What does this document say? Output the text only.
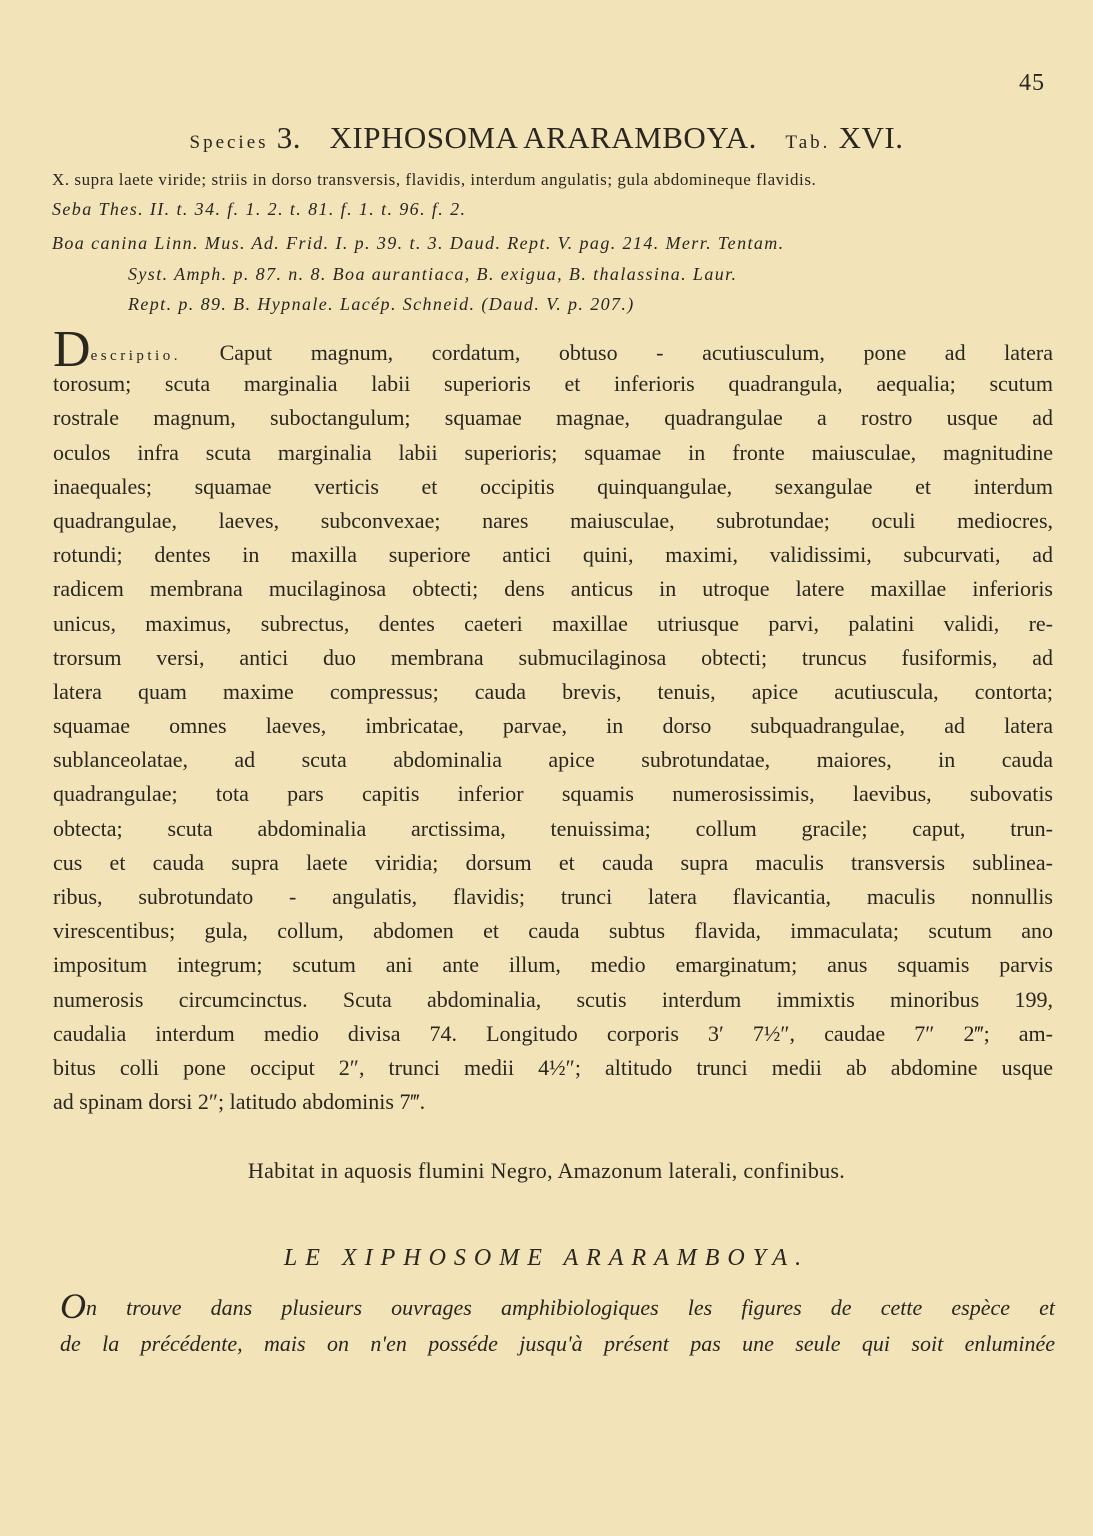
45
Species 3. XIPHOSOMA ARARAMBOYA. Tab. XVI.
X. supra laete viride; striis in dorso transversis, flavidis, interdum angulatis; gula abdomineque flavidis.
Seba Thes. II. t. 34. f. 1. 2. t. 81. f. 1. t. 96. f. 2.
Boa canina Linn. Mus. Ad. Frid. I. p. 39. t. 3. Daud. Rept. V. pag. 214. Merr. Tentam.
Syst. Amph. p. 87. n. 8. Boa aurantiaca, B. exigua, B. thalassina. Laur.
Rept. p. 89. B. Hypnale. Lacép. Schneid. (Daud. V. p. 207.)
Descriptio. Caput magnum, cordatum, obtuso - acutiusculum, pone ad latera
torosum; scuta marginalia labii superioris et inferioris quadrangula, aequalia; scutum
rostrale magnum, suboctangulum; squamae magnae, quadrangulae a rostro usque ad
oculos infra scuta marginalia labii superioris; squamae in fronte maiusculae, magnitudine
inaequales; squamae verticis et occipitis quinquangulae, sexangulae et interdum
quadrangulae, laeves, subconvexae; nares maiusculae, subrotundae; oculi mediocres,
rotundi; dentes in maxilla superiore antici quini, maximi, validissimi, subcurvati, ad
radicem membrana mucilaginosa obtecti; dens anticus in utroque latere maxillae inferioris
unicus, maximus, subrectus, dentes caeteri maxillae utriusque parvi, palatini validi, re-
trorsum versi, antici duo membrana submucilaginosa obtecti; truncus fusiformis, ad
latera quam maxime compressus; cauda brevis, tenuis, apice acutiuscula, contorta;
squamae omnes laeves, imbricatae, parvae, in dorso subquadrangulae, ad latera
sublanceolatae, ad scuta abdominalia apice subrotundatae, maiores, in cauda
quadrangulae; tota pars capitis inferior squamis numerosissimis, laevibus, subovatis
obtecta; scuta abdominalia arctissima, tenuissima; collum gracile; caput, trun-
cus et cauda supra laete viridia; dorsum et cauda supra maculis transversis sublinea-
ribus, subrotundato - angulatis, flavidis; trunci latera flavicantia, maculis nonnullis
virescentibus; gula, collum, abdomen et cauda subtus flavida, immaculata; scutum ano
impositum integrum; scutum ani ante illum, medio emarginatum; anus squamis parvis
numerosis circumcinctus. Scuta abdominalia, scutis interdum immixtis minoribus 199,
caudalia interdum medio divisa 74. Longitudo corporis 3′ 7½″, caudae 7″ 2‴; am-
bitus colli pone occiput 2″, trunci medii 4½″; altitudo trunci medii ab abdomine usque
ad spinam dorsi 2″; latitudo abdominis 7‴.
Habitat in aquosis flumini Negro, Amazonum laterali, confinibus.
LE XIPHOSOME ARARAMBOYA.
On trouve dans plusieurs ouvrages amphibiologiques les figures de cette espèce et
de la précédente, mais on n'en posséde jusqu'à présent pas une seule qui soit enluminée
